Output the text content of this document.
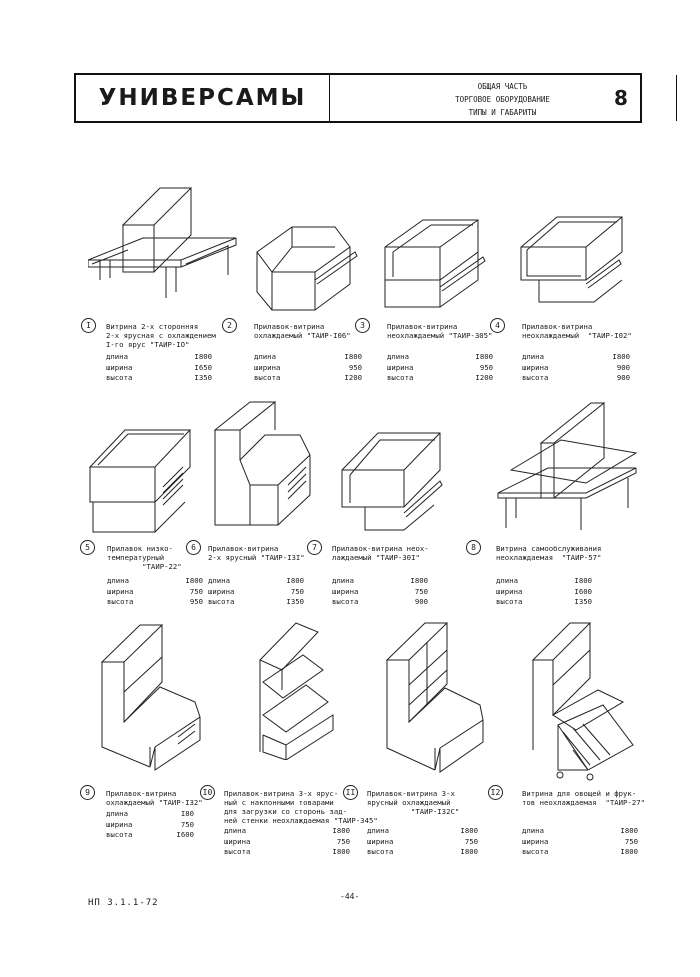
УНИВЕРСАМЫ	ОБЩАЯ ЧАСТЬ
ТОРГОВОЕ ОБОРУДОВАНИЕ
ТИПЫ И ГАБАРИТЫ
8
I	Витрина 2-х сторонняя
2-х ярусная с охлаждением
I-го ярус "ТАИР-IO"
длина	I800
ширина	I650
высота	I350
2	Прилавок-витрина
охлаждаемый "ТАИР-I06"
длина	I800
ширина	950
высота	I200
3	Прилавок-витрина
неохлаждаемый "ТАИР-305"
длина	I800
ширина	950
высота	I200
4	Прилавок-витрина
неохлаждаемый  "ТАИР-I02"
длина	I800
ширина	900
высота	900
5	Прилавок низко-
температурный
"ТАИР-22"
длина	I800
ширина	750
высота	950
6	Прилавок-витрина
2-х ярусный "ТАИР-I3I"
длина	I800
ширина	750
высота	I350
7	Прилавок-витрина неох-
лаждаемый "ТАИР-30I"
длина	I800
ширина	750
высота	900
8	Витрина самообслуживания
неохлаждаемая  "ТАИР-57"
длина	I800
ширина	I600
высота	I350
9	Прилавок-витрина
охлаждаемый "ТАИР-I32"
длина	I80
ширина	750
высота	I600
I0	Прилавок-витрина 3-х ярус-
ный с наклонными товарами
для загрузки со сторонь зад-
ней стенки неохлаждаемая "ТАИР-345"
длина	I800
ширина	750
высота	I800
II	Прилавок-витрина 3-х
ярусный охлаждаемый
"ТАИР-I32С"
длина	I800
ширина	750
высота	I800
I2	Витрина для овощей и фрук-
тов неохлаждаемая  "ТАИР-27"
длина	I800
ширина	750
высота	I800
НП 3.1.1-72
-44-
